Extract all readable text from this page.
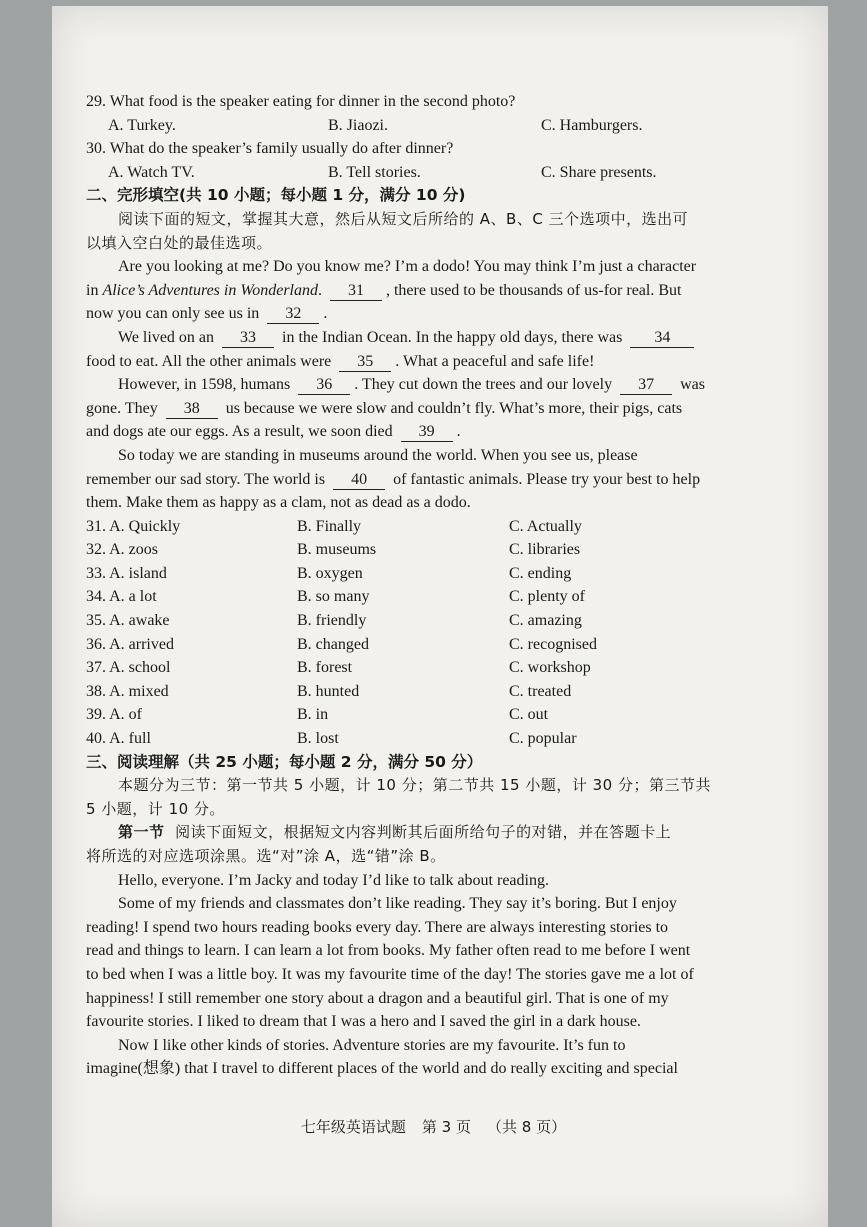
29. What food is the speaker eating for dinner in the second photo?
A. Turkey.	B. Jiaozi.	C. Hamburgers.
30. What do the speaker’s family usually do after dinner?
A. Watch TV.	B. Tell stories.	C. Share presents.
二、完形填空(共 10 小题；每小题 1 分，满分 10 分)
阅读下面的短文，掌握其大意，然后从短文后所给的 A、B、C 三个选项中，选出可
以填入空白处的最佳选项。
Are you looking at me? Do you know me? I’m a dodo! You may think I’m just a character
in Alice’s Adventures in Wonderland. 31 , there used to be thousands of us-for real. But
now you can only see us in 32 .
We lived on an 33 in the Indian Ocean. In the happy old days, there was 34
food to eat. All the other animals were 35 . What a peaceful and safe life!
However, in 1598, humans 36 . They cut down the trees and our lovely 37 was
gone. They 38 us because we were slow and couldn’t fly. What’s more, their pigs, cats
and dogs ate our eggs. As a result, we soon died 39 .
So today we are standing in museums around the world. When you see us, please
remember our sad story. The world is 40 of fantastic animals. Please try your best to help
them. Make them as happy as a clam, not as dead as a dodo.
31. A. Quickly	B. Finally	C. Actually
32. A. zoos	B. museums	C. libraries
33. A. island	B. oxygen	C. ending
34. A. a lot	B. so many	C. plenty of
35. A. awake	B. friendly	C. amazing
36. A. arrived	B. changed	C. recognised
37. A. school	B. forest	C. workshop
38. A. mixed	B. hunted	C. treated
39. A. of	B. in	C. out
40. A. full	B. lost	C. popular
三、阅读理解（共 25 小题；每小题 2 分，满分 50 分）
本题分为三节：第一节共 5 小题，计 10 分；第二节共 15 小题，计 30 分；第三节共
5 小题，计 10 分。
第一节 阅读下面短文，根据短文内容判断其后面所给句子的对错，并在答题卡上
将所选的对应选项涂黑。选“对”涂 A，选“错”涂 B。
Hello, everyone. I’m Jacky and today I’d like to talk about reading.
Some of my friends and classmates don’t like reading. They say it’s boring. But I enjoy
reading! I spend two hours reading books every day. There are always interesting stories to
read and things to learn. I can learn a lot from books. My father often read to me before I went
to bed when I was a little boy. It was my favourite time of the day! The stories gave me a lot of
happiness! I still remember one story about a dragon and a beautiful girl. That is one of my
favourite stories. I liked to dream that I was a hero and I saved the girl in a dark house.
Now I like other kinds of stories. Adventure stories are my favourite. It’s fun to
imagine(想象) that I travel to different places of the world and do really exciting and special
七年级英语试题 第 3 页 （共 8 页）
